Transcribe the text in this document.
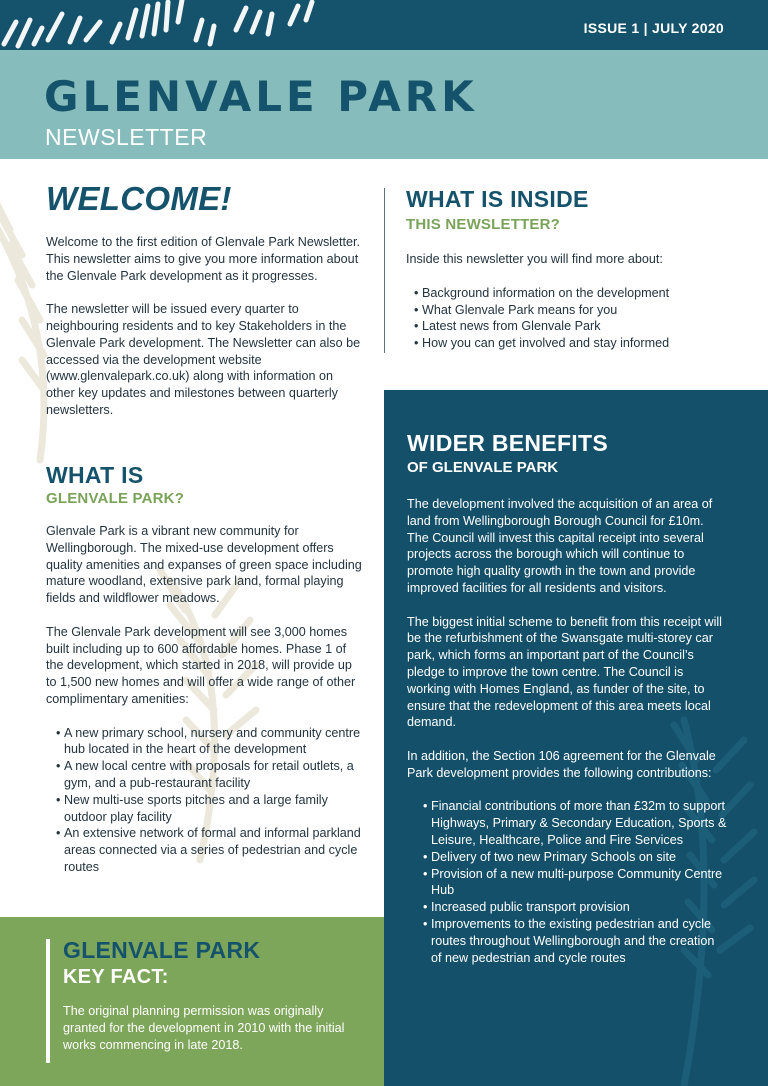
ISSUE 1 | JULY 2020
GLENVALE PARK
NEWSLETTER
WELCOME!

Welcome to the first edition of Glenvale Park Newsletter. This newsletter aims to give you more information about the Glenvale Park development as it progresses.

The newsletter will be issued every quarter to neighbouring residents and to key Stakeholders in the Glenvale Park development. The Newsletter can also be accessed via the development website (www.glenvalepark.co.uk) along with information on other key updates and milestones between quarterly newsletters.

WHAT IS INSIDE
THIS NEWSLETTER?

Inside this newsletter you will find more about:

• Background information on the development
• What Glenvale Park means for you
• Latest news from Glenvale Park
• How you can get involved and stay informed
WHAT IS
GLENVALE PARK?

Glenvale Park is a vibrant new community for Wellingborough. The mixed-use development offers quality amenities and expanses of green space including mature woodland, extensive park land, formal playing fields and wildflower meadows.

The Glenvale Park development will see 3,000 homes built including up to 600 affordable homes. Phase 1 of the development, which started in 2018, will provide up to 1,500 new homes and will offer a wide range of other complimentary amenities:

• A new primary school, nursery and community centre hub located in the heart of the development
• A new local centre with proposals for retail outlets, a gym, and a pub-restaurant facility
• New multi-use sports pitches and a large family outdoor play facility
• An extensive network of formal and informal parkland areas connected via a series of pedestrian and cycle routes
GLENVALE PARK
KEY FACT:

The original planning permission was originally granted for the development in 2010 with the initial works commencing in late 2018.

WIDER BENEFITS
OF GLENVALE PARK

The development involved the acquisition of an area of land from Wellingborough Borough Council for £10m. The Council will invest this capital receipt into several projects across the borough which will continue to promote high quality growth in the town and provide improved facilities for all residents and visitors.

The biggest initial scheme to benefit from this receipt will be the refurbishment of the Swansgate multi-storey car park, which forms an important part of the Council’s pledge to improve the town centre. The Council is working with Homes England, as funder of the site, to ensure that the redevelopment of this area meets local demand.

In addition, the Section 106 agreement for the Glenvale Park development provides the following contributions:

• Financial contributions of more than £32m to support Highways, Primary & Secondary Education, Sports & Leisure, Healthcare, Police and Fire Services
• Delivery of two new Primary Schools on site
• Provision of a new multi-purpose Community Centre Hub
• Increased public transport provision
• Improvements to the existing pedestrian and cycle routes throughout Wellingborough and the creation of new pedestrian and cycle routes
